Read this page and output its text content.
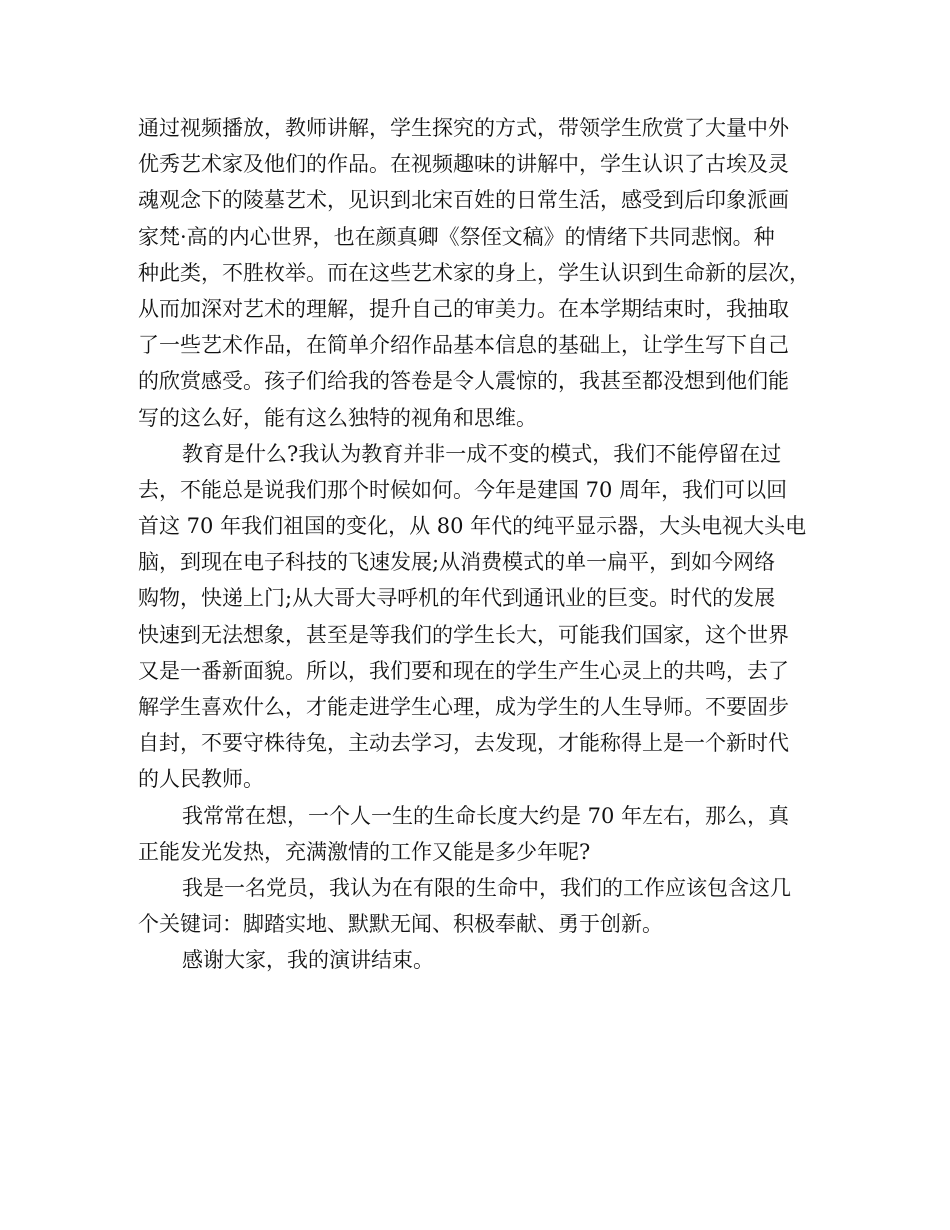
通过视频播放，教师讲解，学生探究的方式，带领学生欣赏了大量中外
优秀艺术家及他们的作品。在视频趣味的讲解中，学生认识了古埃及灵
魂观念下的陵墓艺术，见识到北宋百姓的日常生活，感受到后印象派画
家梵·高的内心世界，也在颜真卿《祭侄文稿》的情绪下共同悲悯。种
种此类，不胜枚举。而在这些艺术家的身上，学生认识到生命新的层次，
从而加深对艺术的理解，提升自己的审美力。在本学期结束时，我抽取
了一些艺术作品，在简单介绍作品基本信息的基础上，让学生写下自己
的欣赏感受。孩子们给我的答卷是令人震惊的，我甚至都没想到他们能
写的这么好，能有这么独特的视角和思维。
教育是什么?我认为教育并非一成不变的模式，我们不能停留在过
去，不能总是说我们那个时候如何。今年是建国 70 周年，我们可以回
首这 70 年我们祖国的变化，从 80 年代的纯平显示器，大头电视大头电
脑，到现在电子科技的飞速发展;从消费模式的单一扁平，到如今网络
购物，快递上门;从大哥大寻呼机的年代到通讯业的巨变。时代的发展
快速到无法想象，甚至是等我们的学生长大，可能我们国家，这个世界
又是一番新面貌。所以，我们要和现在的学生产生心灵上的共鸣，去了
解学生喜欢什么，才能走进学生心理，成为学生的人生导师。不要固步
自封，不要守株待兔，主动去学习，去发现，才能称得上是一个新时代
的人民教师。
我常常在想，一个人一生的生命长度大约是 70 年左右，那么，真
正能发光发热，充满激情的工作又能是多少年呢?
我是一名党员，我认为在有限的生命中，我们的工作应该包含这几
个关键词：脚踏实地、默默无闻、积极奉献、勇于创新。
感谢大家，我的演讲结束。
